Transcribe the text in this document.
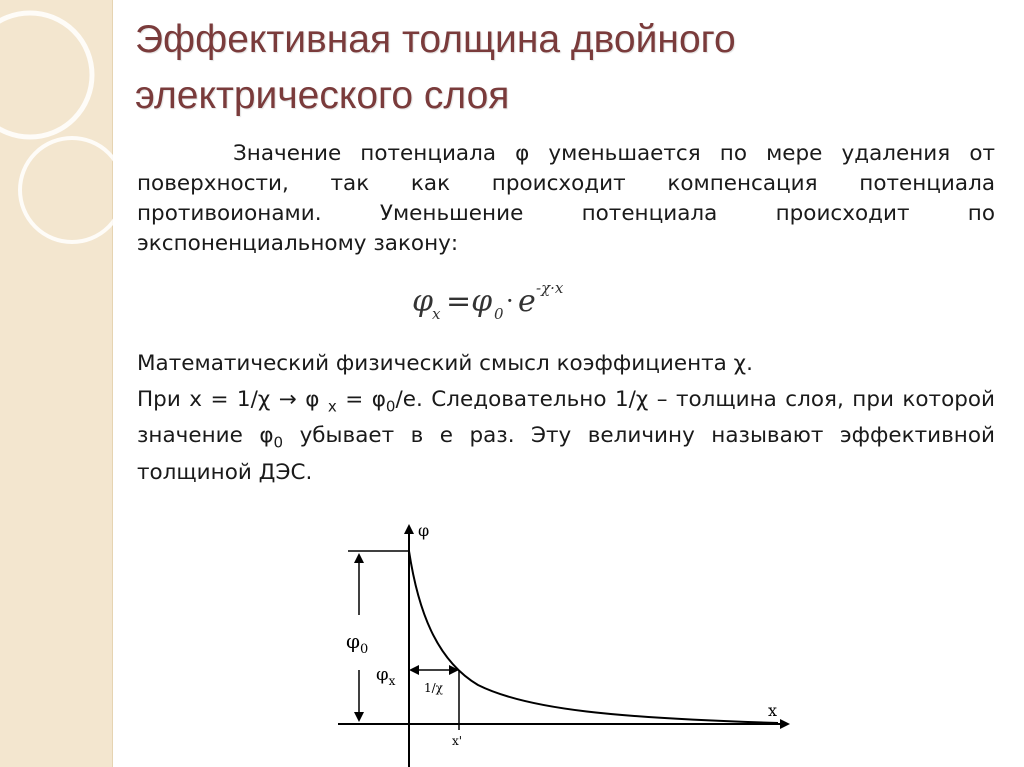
Эффективная толщина двойного электрического слоя

Значение потенциала φ уменьшается по мере удаления от поверхности, так как происходит компенсация потенциала противоионами. Уменьшение потенциала происходит по экспоненциальному закону:

φ
x =φ 0 · e -χ·x

Математический физический смысл коэффициента χ.

При x = 1/χ → φ $_x = \varphi_0/e$. Следовательно 1/χ – толщина слоя, при которой значение $\varphi_0$ убывает в е раз. Эту величину называют эффективной толщиной ДЭС.

φ
x
$\varphi_0$
$\varphi_x$ 1/χ
x'
